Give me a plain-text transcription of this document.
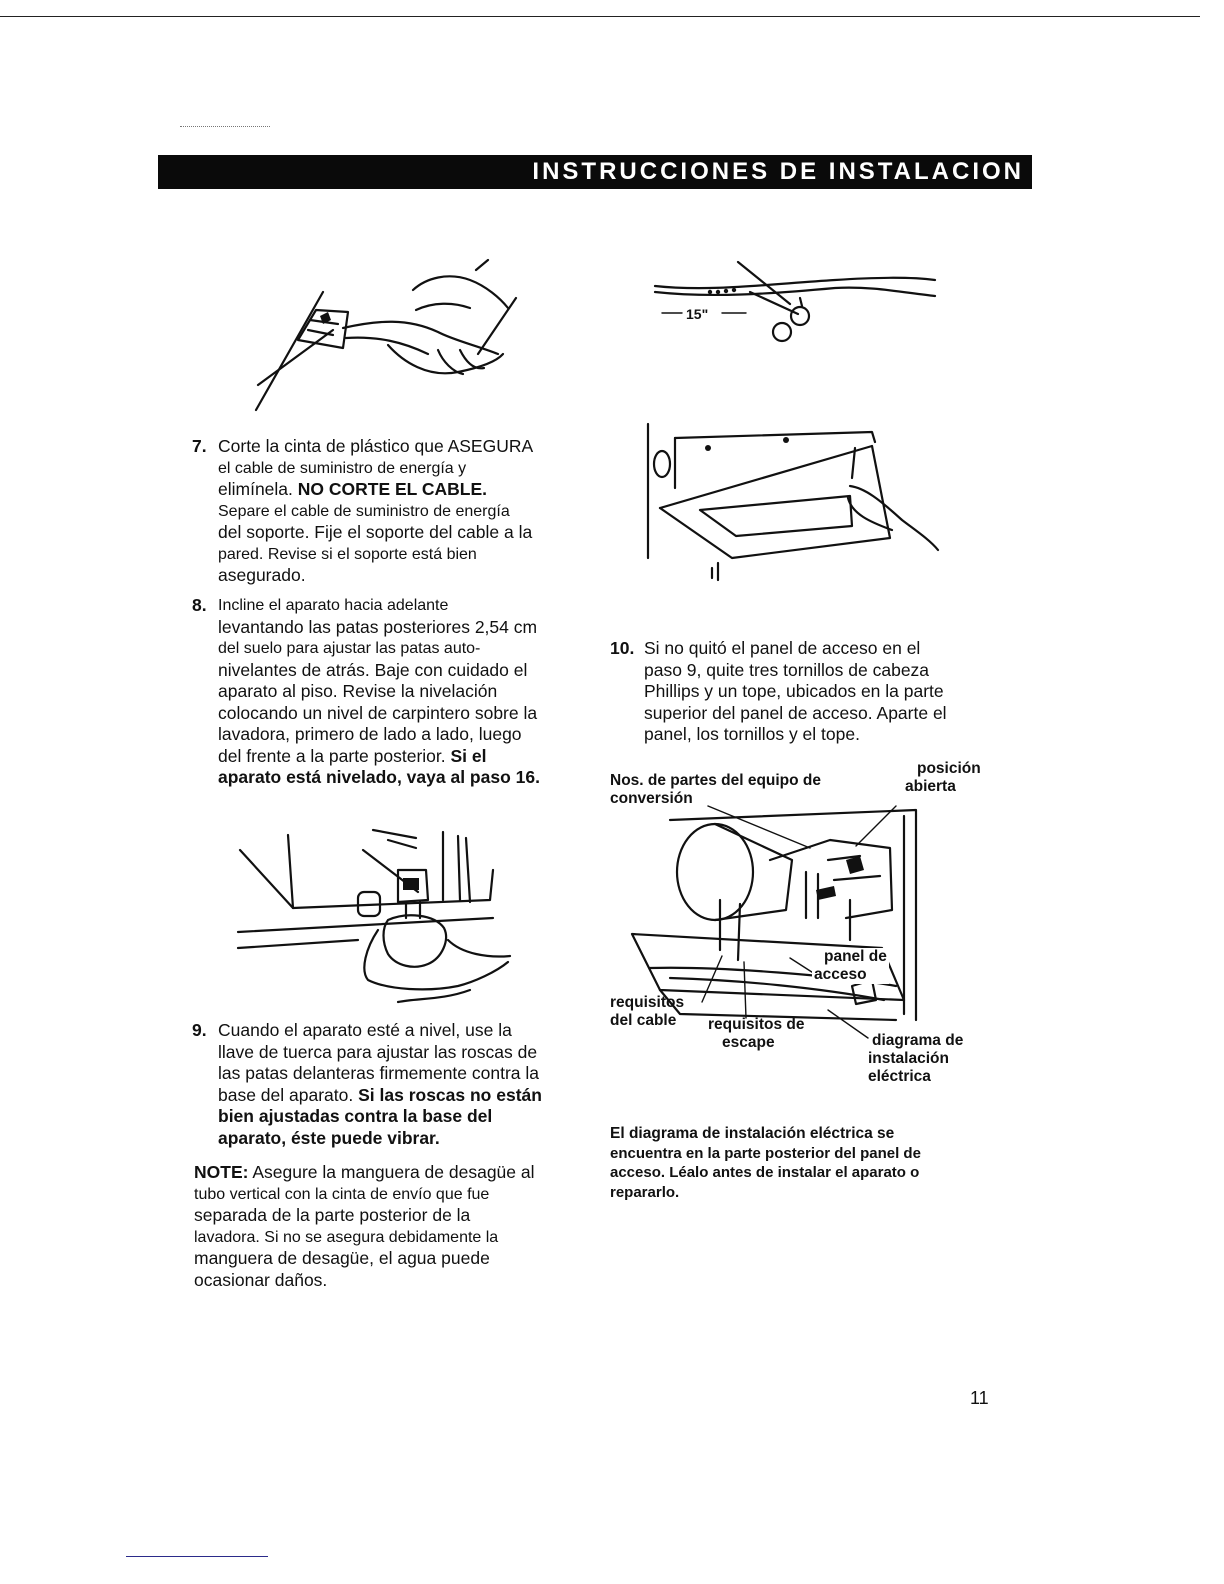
INSTRUCCIONES DE INSTALACION
15"
7. Corte la cinta de plástico que ASEGURA
el cable de suministro de energía y
elimínela. NO CORTE EL CABLE.
Separe el cable de suministro de energía
del soporte. Fije el soporte del cable a la
pared. Revise si el soporte está bien
asegurado.
8. Incline el aparato hacia adelante
levantando las patas posteriores 2,54 cm
del suelo para ajustar las patas auto-
nivelantes de atrás. Baje con cuidado el
aparato al piso. Revise la nivelación
colocando un nivel de carpintero sobre la
lavadora, primero de lado a lado, luego
del frente a la parte posterior. Si el
aparato está nivelado, vaya al paso 16.
9. Cuando el aparato esté a nivel, use la
llave de tuerca para ajustar las roscas de
las patas delanteras firmemente contra la
base del aparato. Si las roscas no están
bien ajustadas contra la base del
aparato, éste puede vibrar.
NOTE: Asegure la manguera de desagüe al
tubo vertical con la cinta de envío que fue
separada de la parte posterior de la
lavadora. Si no se asegura debidamente la
manguera de desagüe, el agua puede
ocasionar daños.
10. Si no quitó el panel de acceso en el
paso 9, quite tres tornillos de cabeza
Phillips y un tope, ubicados en la parte
superior del panel de acceso. Aparte el
panel, los tornillos y el tope.
Nos. de partes del equipo de
conversión
posición
abierta
panel de
acceso
requisitos
del cable	requisitos de
escape	diagrama de
instalación
eléctrica
El diagrama de instalación eléctrica se
encuentra en la parte posterior del panel de
acceso. Léalo antes de instalar el aparato o
repararlo.
11
